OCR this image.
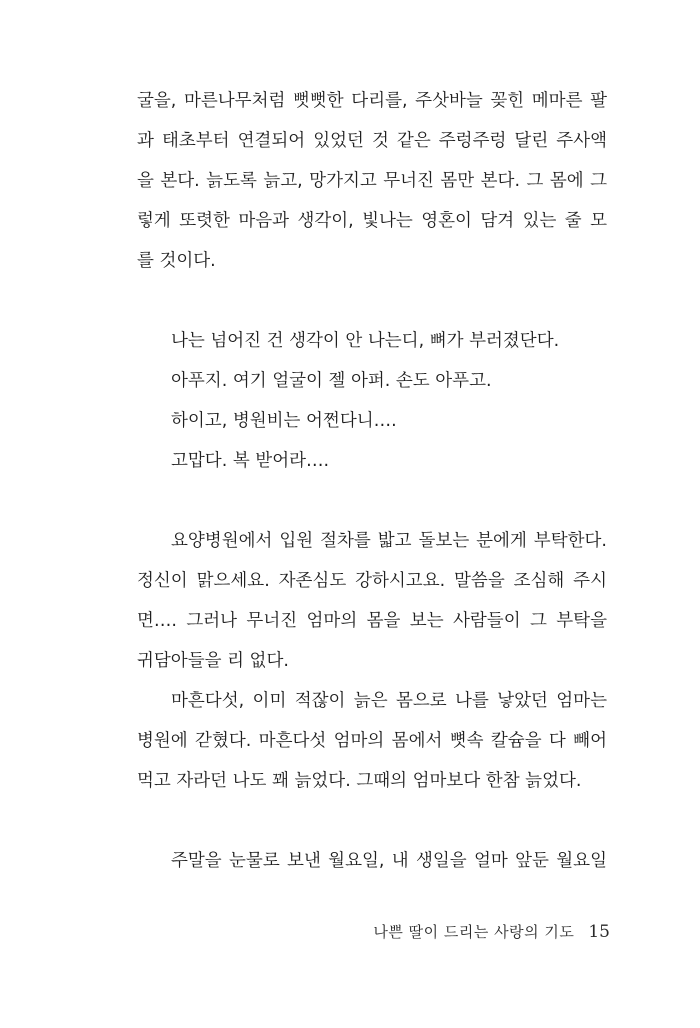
굴을, 마른나무처럼 뻣뻣한 다리를, 주삿바늘 꽂힌 메마른 팔
과 태초부터 연결되어 있었던 것 같은 주렁주렁 달린 주사액
을 본다. 늙도록 늙고, 망가지고 무너진 몸만 본다. 그 몸에 그
렇게 또렷한 마음과 생각이, 빛나는 영혼이 담겨 있는 줄 모
를 것이다.
나는 넘어진 건 생각이 안 나는디, 뼈가 부러졌단다.
아푸지. 여기 얼굴이 젤 아퍼. 손도 아푸고.
하이고, 병원비는 어쩐다니….
고맙다. 복 받어라….
요양병원에서 입원 절차를 밟고 돌보는 분에게 부탁한다.
정신이 맑으세요. 자존심도 강하시고요. 말씀을 조심해 주시
면…. 그러나 무너진 엄마의 몸을 보는 사람들이 그 부탁을
귀담아들을 리 없다.
마흔다섯, 이미 적잖이 늙은 몸으로 나를 낳았던 엄마는
병원에 갇혔다. 마흔다섯 엄마의 몸에서 뼛속 칼슘을 다 빼어
먹고 자라던 나도 꽤 늙었다. 그때의 엄마보다 한참 늙었다.
주말을 눈물로 보낸 월요일, 내 생일을 얼마 앞둔 월요일
나쁜 딸이 드리는 사랑의 기도 15
